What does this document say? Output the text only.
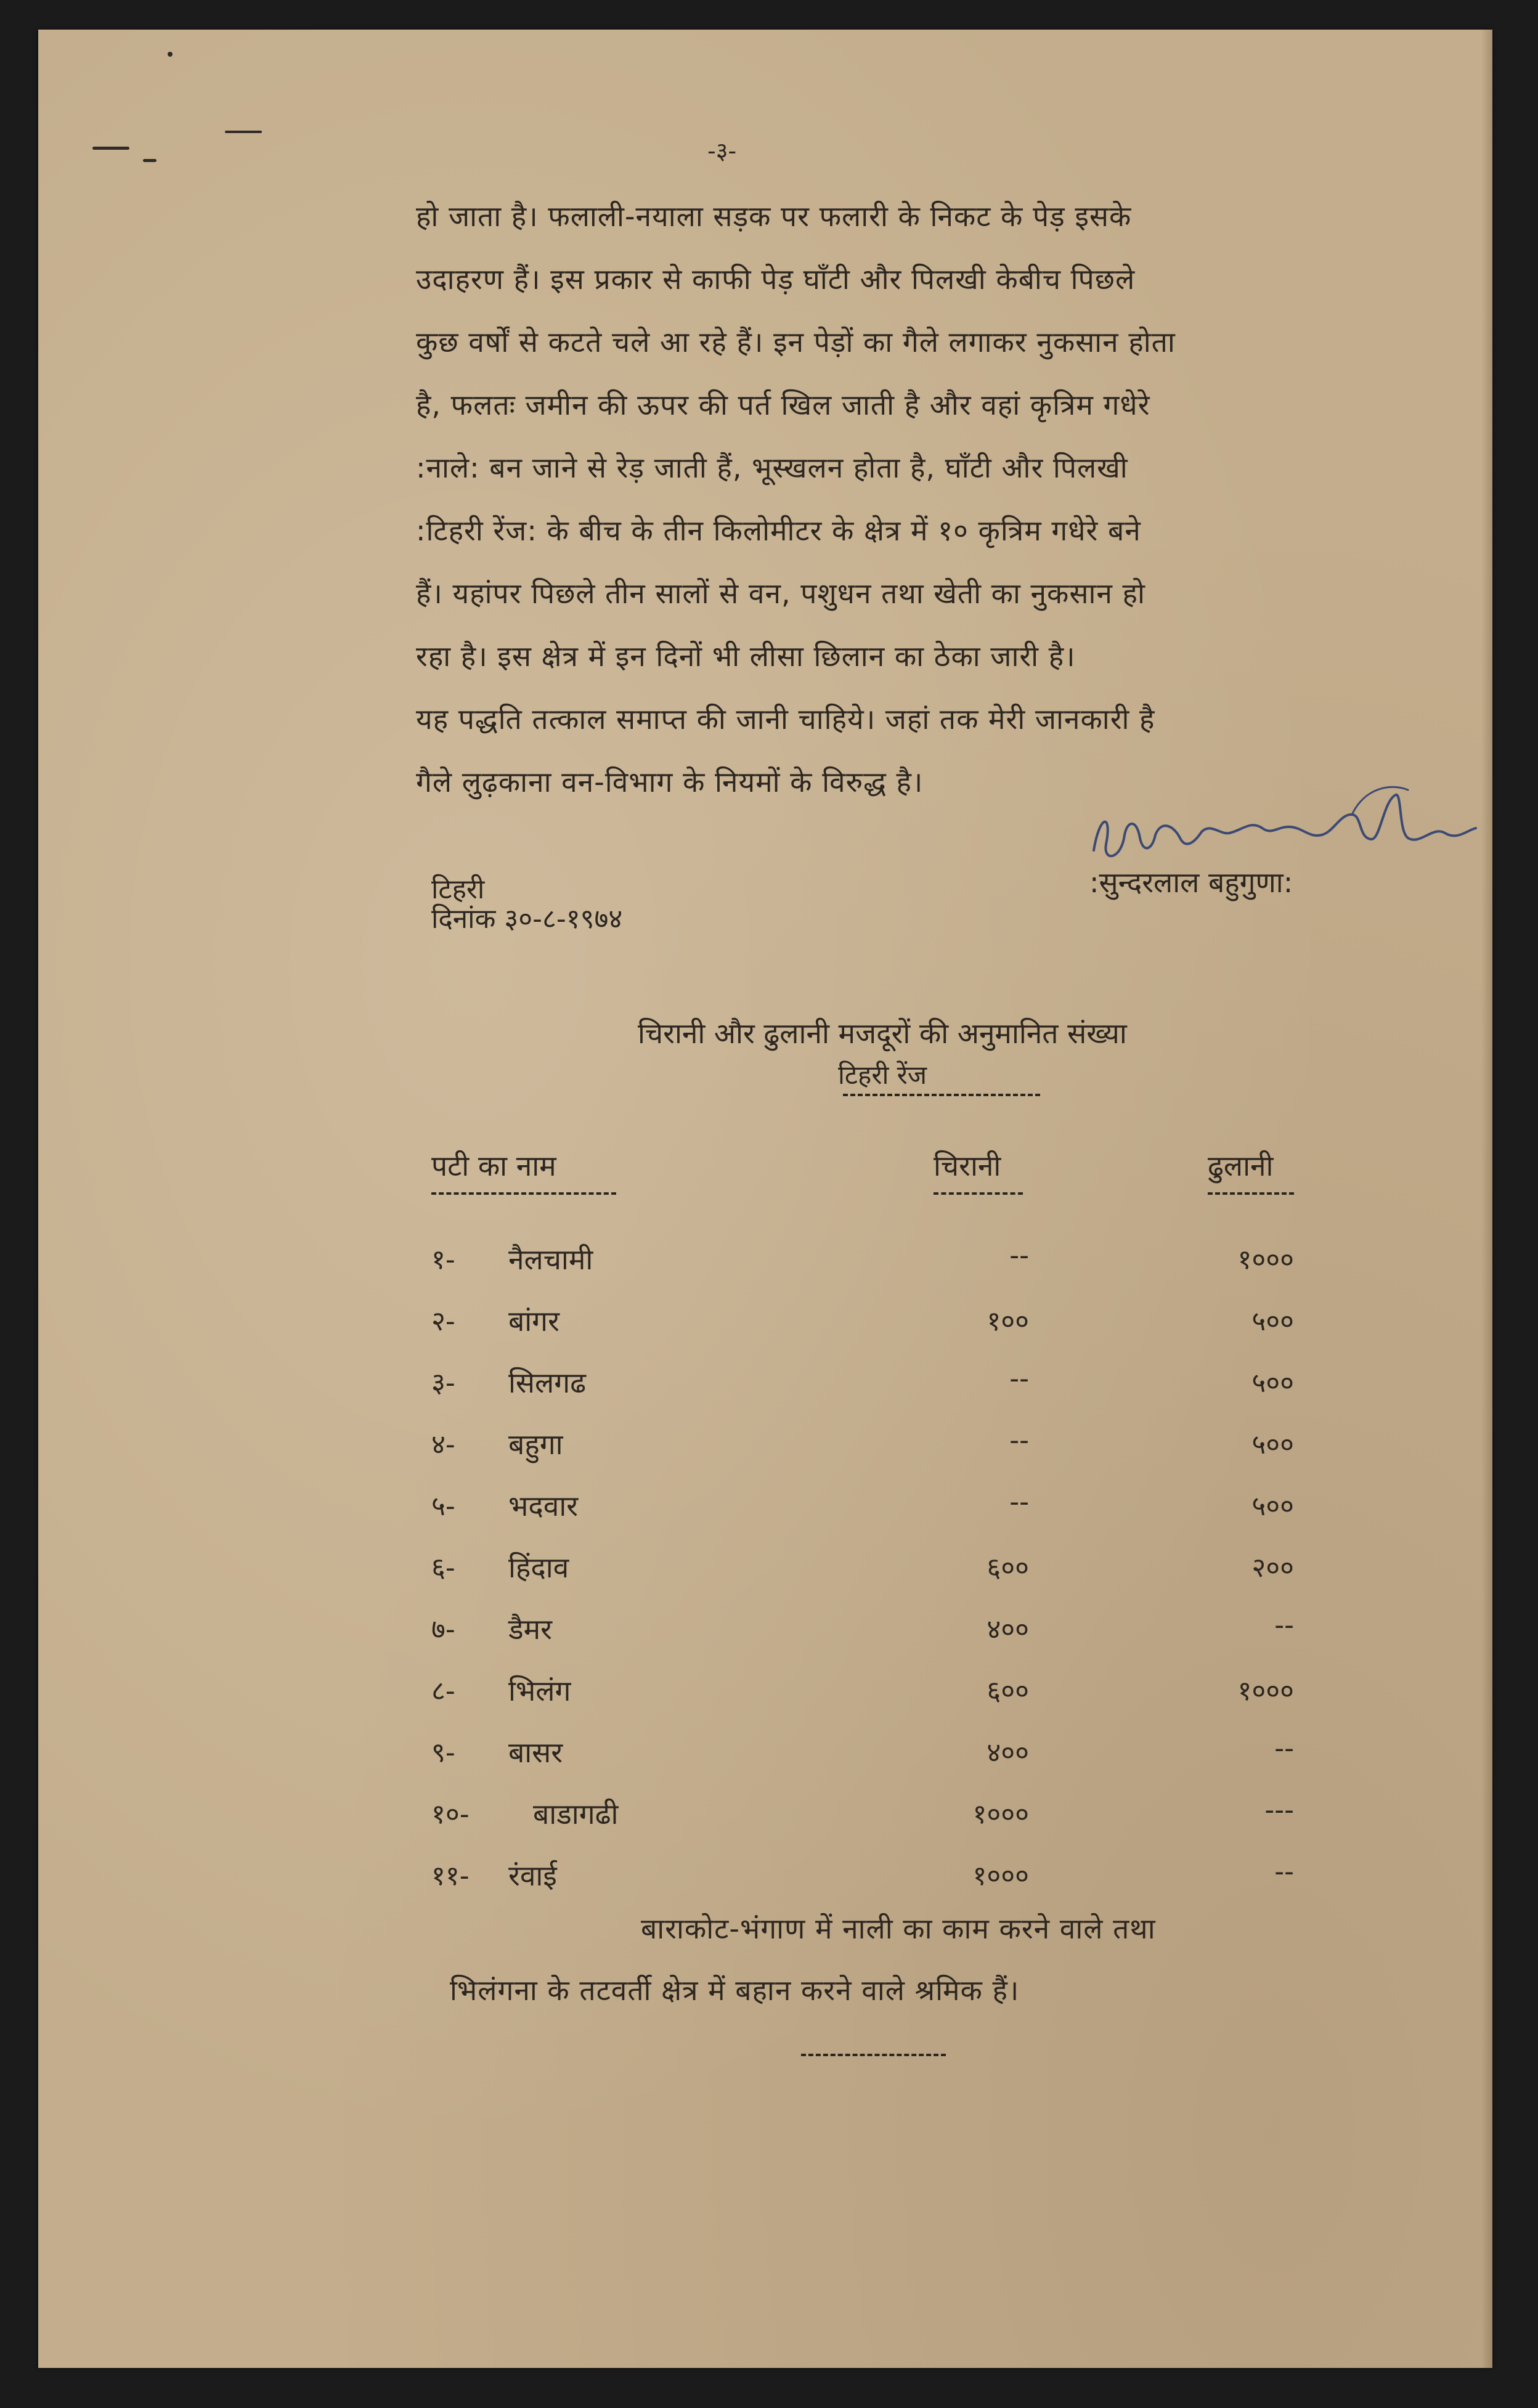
-३-
हो जाता है। फलाली-नयाला सड़क पर फलारी के निकट के पेड़ इसके
उदाहरण हैं। इस प्रकार से काफी पेड़ घाँटी और पिलखी केबीच पिछले
कुछ वर्षों से कटते चले आ रहे हैं। इन पेड़ों का गैले लगाकर नुकसान होता
है, फलतः जमीन की ऊपर की पर्त खिल जाती है और वहां कृत्रिम गधेरे
:नाले: बन जाने से रेड़ जाती हैं, भूस्खलन होता है, घाँटी और पिलखी
:टिहरी रेंज: के बीच के तीन किलोमीटर के क्षेत्र में १० कृत्रिम गधेरे बने
हैं। यहांपर पिछले तीन सालों से वन, पशुधन तथा खेती का नुकसान हो
रहा है। इस क्षेत्र में इन दिनों भी लीसा छिलान का ठेका जारी है।
यह पद्धति तत्काल समाप्त की जानी चाहिये। जहां तक मेरी जानकारी है
गैले लुढ़काना वन-विभाग के नियमों के विरुद्ध है।
:सुन्दरलाल बहुगुणा:
टिहरी
दिनांक ३०-८-१९७४
चिरानी और ढुलानी मजदूरों की अनुमानित संख्या
टिहरी रेंज
पटी का नाम	चिरानी	ढुलानी
१- नैलचामी	--	१०००
२- बांगर	१००	५००
३- सिलगढ	--	५००
४- बहुगा	--	५००
५- भदवार	--	५००
६- हिंदाव	६००	२००
७- डैमर	४००	--
८- भिलंग	६००	१०००
९- बासर	४००	--
१०- बाडागढी	१०००	---
११- रंवाई	१०००	--
बाराकोट-भंगाण में नाली का काम करने वाले तथा
भिलंगना के तटवर्ती क्षेत्र में बहान करने वाले श्रमिक हैं।
